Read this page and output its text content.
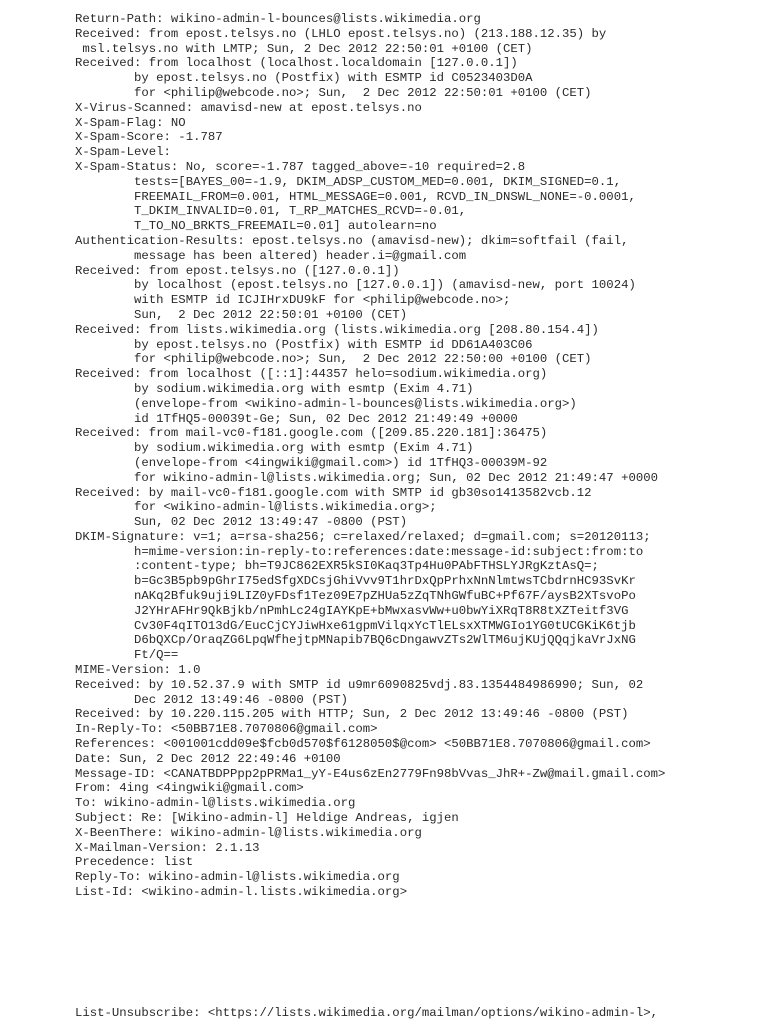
Return-Path: wikino-admin-l-bounces@lists.wikimedia.org
Received: from epost.telsys.no (LHLO epost.telsys.no) (213.188.12.35) by
msl.telsys.no with LMTP; Sun, 2 Dec 2012 22:50:01 +0100 (CET)
Received: from localhost (localhost.localdomain [127.0.0.1])
by epost.telsys.no (Postfix) with ESMTP id C0523403D0A
for <philip@webcode.no>; Sun,  2 Dec 2012 22:50:01 +0100 (CET)
X-Virus-Scanned: amavisd-new at epost.telsys.no
X-Spam-Flag: NO
X-Spam-Score: -1.787
X-Spam-Level:
X-Spam-Status: No, score=-1.787 tagged_above=-10 required=2.8
tests=[BAYES_00=-1.9, DKIM_ADSP_CUSTOM_MED=0.001, DKIM_SIGNED=0.1,
FREEMAIL_FROM=0.001, HTML_MESSAGE=0.001, RCVD_IN_DNSWL_NONE=-0.0001,
T_DKIM_INVALID=0.01, T_RP_MATCHES_RCVD=-0.01,
T_TO_NO_BRKTS_FREEMAIL=0.01] autolearn=no
Authentication-Results: epost.telsys.no (amavisd-new); dkim=softfail (fail,
message has been altered) header.i=@gmail.com
Received: from epost.telsys.no ([127.0.0.1])
by localhost (epost.telsys.no [127.0.0.1]) (amavisd-new, port 10024)
with ESMTP id ICJIHrxDU9kF for <philip@webcode.no>;
Sun,  2 Dec 2012 22:50:01 +0100 (CET)
Received: from lists.wikimedia.org (lists.wikimedia.org [208.80.154.4])
by epost.telsys.no (Postfix) with ESMTP id DD61A403C06
for <philip@webcode.no>; Sun,  2 Dec 2012 22:50:00 +0100 (CET)
Received: from localhost ([::1]:44357 helo=sodium.wikimedia.org)
by sodium.wikimedia.org with esmtp (Exim 4.71)
(envelope-from <wikino-admin-l-bounces@lists.wikimedia.org>)
id 1TfHQ5-00039t-Ge; Sun, 02 Dec 2012 21:49:49 +0000
Received: from mail-vc0-f181.google.com ([209.85.220.181]:36475)
by sodium.wikimedia.org with esmtp (Exim 4.71)
(envelope-from <4ingwiki@gmail.com>) id 1TfHQ3-00039M-92
for wikino-admin-l@lists.wikimedia.org; Sun, 02 Dec 2012 21:49:47 +0000
Received: by mail-vc0-f181.google.com with SMTP id gb30so1413582vcb.12
for <wikino-admin-l@lists.wikimedia.org>;
Sun, 02 Dec 2012 13:49:47 -0800 (PST)
DKIM-Signature: v=1; a=rsa-sha256; c=relaxed/relaxed; d=gmail.com; s=20120113;
h=mime-version:in-reply-to:references:date:message-id:subject:from:to
:content-type; bh=T9JC862EXR5kSI0Kaq3Tp4Hu0PAbFTHSLYJRgKztAsQ=;
b=Gc3B5pb9pGhrI75edSfgXDCsjGhiVvv9T1hrDxQpPrhxNnNlmtwsTCbdrnHC93SvKr
nAKq2Bfuk9uji9LIZ0yFDsf1Tez09E7pZHUa5zZqTNhGWfuBC+Pf67F/aysB2XTsvoPo
J2YHrAFHr9QkBjkb/nPmhLc24gIAYKpE+bMwxasvWw+u0bwYiXRqT8R8tXZTeitf3VG
Cv30F4qITO13dG/EucCjCYJiwHxe61gpmVilqxYcTlELsxXTMWGIo1YG0tUCGKiK6tjb
D6bQXCp/OraqZG6LpqWfhejtpMNapib7BQ6cDngawvZTs2WlTM6ujKUjQQqjkaVrJxNG
Ft/Q==
MIME-Version: 1.0
Received: by 10.52.37.9 with SMTP id u9mr6090825vdj.83.1354484986990; Sun, 02
Dec 2012 13:49:46 -0800 (PST)
Received: by 10.220.115.205 with HTTP; Sun, 2 Dec 2012 13:49:46 -0800 (PST)
In-Reply-To: <50BB71E8.7070806@gmail.com>
References: <001001cdd09e$fcb0d570$f6128050$@com> <50BB71E8.7070806@gmail.com>
Date: Sun, 2 Dec 2012 22:49:46 +0100
Message-ID: <CANATBDPPpp2pPRMa1_yY-E4us6zEn2779Fn98bVvas_JhR+-Zw@mail.gmail.com>
From: 4ing <4ingwiki@gmail.com>
To: wikino-admin-l@lists.wikimedia.org
Subject: Re: [Wikino-admin-l] Heldige Andreas, igjen
X-BeenThere: wikino-admin-l@lists.wikimedia.org
X-Mailman-Version: 2.1.13
Precedence: list
Reply-To: wikino-admin-l@lists.wikimedia.org
List-Id: <wikino-admin-l.lists.wikimedia.org>
List-Unsubscribe: <https://lists.wikimedia.org/mailman/options/wikino-admin-l>,
